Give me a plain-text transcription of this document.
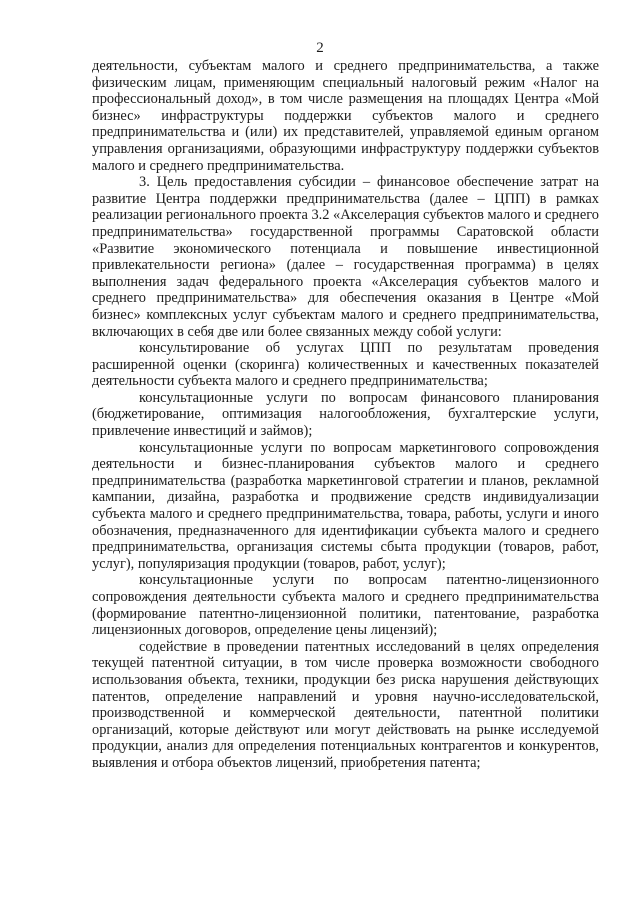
2

деятельности, субъектам малого и среднего предпринимательства, а также физическим лицам, применяющим специальный налоговый режим «Налог на профессиональный доход», в том числе размещения на площадях Центра «Мой бизнес» инфраструктуры поддержки субъектов малого и среднего предпринимательства и (или) их представителей, управляемой единым органом управления организациями, образующими инфраструктуру поддержки субъектов малого и среднего предпринимательства.

3. Цель предоставления субсидии – финансовое обеспечение затрат на развитие Центра поддержки предпринимательства (далее – ЦПП) в рамках реализации регионального проекта 3.2 «Акселерация субъектов малого и среднего предпринимательства» государственной программы Саратовской области «Развитие экономического потенциала и повышение инвестиционной привлекательности региона» (далее – государственная программа) в целях выполнения задач федерального проекта «Акселерация субъектов малого и среднего предпринимательства» для обеспечения оказания в Центре «Мой бизнес» комплексных услуг субъектам малого и среднего предпринимательства, включающих в себя две или более связанных между собой услуги:

консультирование об услугах ЦПП по результатам проведения расширенной оценки (скоринга) количественных и качественных показателей деятельности субъекта малого и среднего предпринимательства;

консультационные услуги по вопросам финансового планирования (бюджетирование, оптимизация налогообложения, бухгалтерские услуги, привлечение инвестиций и займов);

консультационные услуги по вопросам маркетингового сопровождения деятельности и бизнес-планирования субъектов малого и среднего предпринимательства (разработка маркетинговой стратегии и планов, рекламной кампании, дизайна, разработка и продвижение средств индивидуализации субъекта малого и среднего предпринимательства, товара, работы, услуги и иного обозначения, предназначенного для идентификации субъекта малого и среднего предпринимательства, организация системы сбыта продукции (товаров, работ, услуг), популяризация продукции (товаров, работ, услуг);

консультационные услуги по вопросам патентно-лицензионного сопровождения деятельности субъекта малого и среднего предпринимательства (формирование патентно-лицензионной политики, патентование, разработка лицензионных договоров, определение цены лицензий);

содействие в проведении патентных исследований в целях определения текущей патентной ситуации, в том числе проверка возможности свободного использования объекта, техники, продукции без риска нарушения действующих патентов, определение направлений и уровня научно-исследовательской, производственной и коммерческой деятельности, патентной политики организаций, которые действуют или могут действовать на рынке исследуемой продукции, анализ для определения потенциальных контрагентов и конкурентов, выявления и отбора объектов лицензий, приобретения патента;
